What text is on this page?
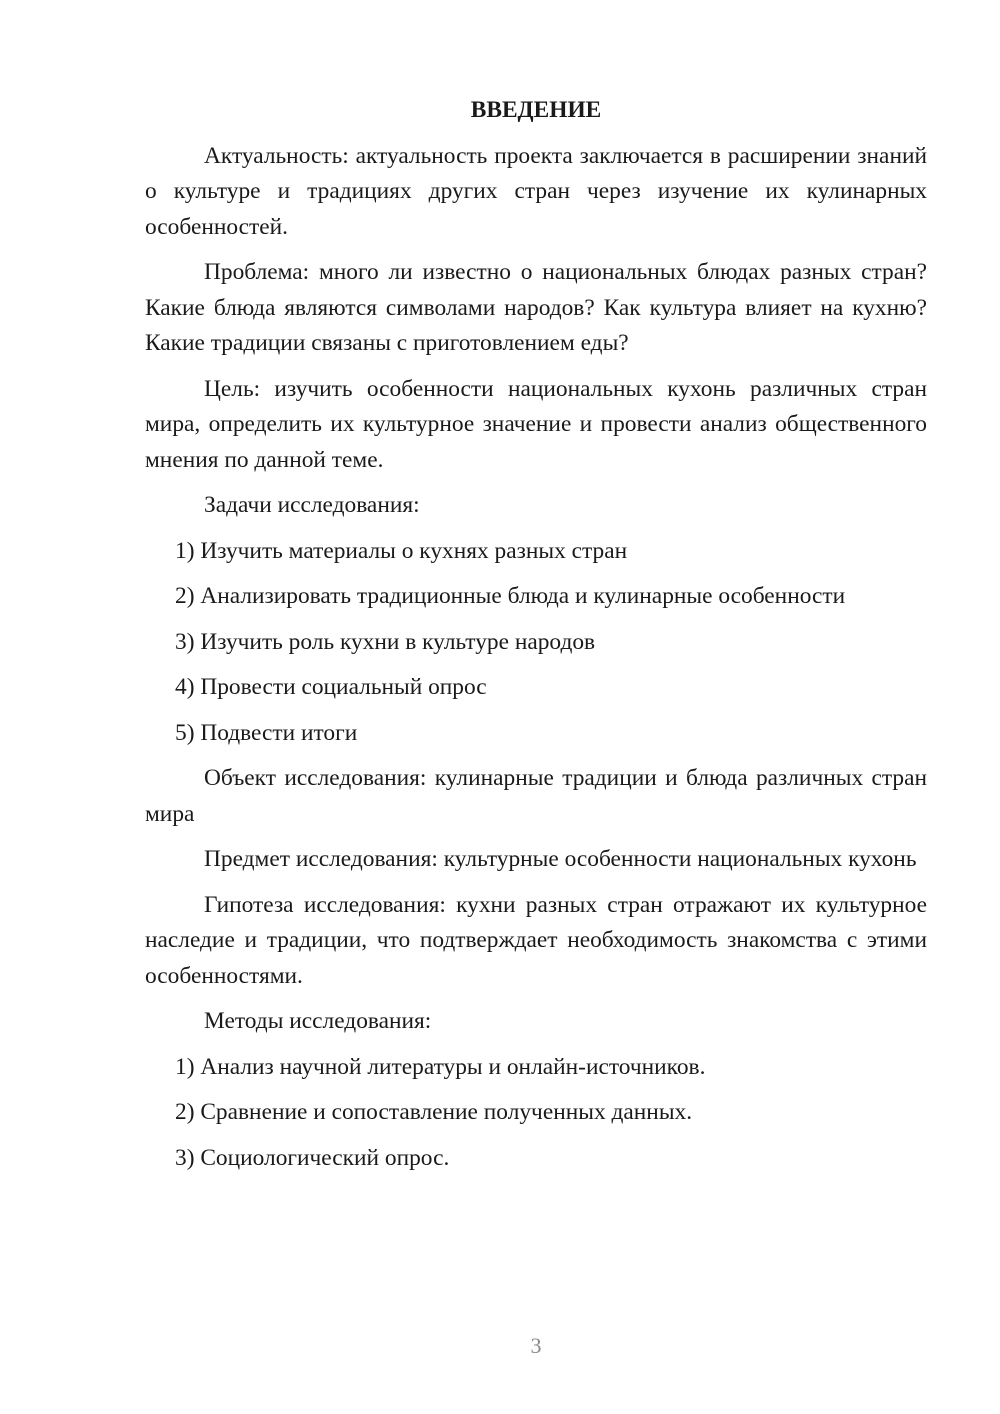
ВВЕДЕНИЕ
Актуальность: актуальность проекта заключается в расширении знаний о культуре и традициях других стран через изучение их кулинарных особенностей.
Проблема: много ли известно о национальных блюдах разных стран? Какие блюда являются символами народов? Как культура влияет на кухню? Какие традиции связаны с приготовлением еды?
Цель: изучить особенности национальных кухонь различных стран мира, определить их культурное значение и провести анализ общественного мнения по данной теме.
Задачи исследования:
1) Изучить материалы о кухнях разных стран
2) Анализировать традиционные блюда и кулинарные особенности
3) Изучить роль кухни в культуре народов
4) Провести социальный опрос
5) Подвести итоги
Объект исследования: кулинарные традиции и блюда различных стран мира
Предмет исследования: культурные особенности национальных кухонь
Гипотеза исследования: кухни разных стран отражают их культурное наследие и традиции, что подтверждает необходимость знакомства с этими особенностями.
Методы исследования:
1) Анализ научной литературы и онлайн-источников.
2) Сравнение и сопоставление полученных данных.
3) Социологический опрос.
3
